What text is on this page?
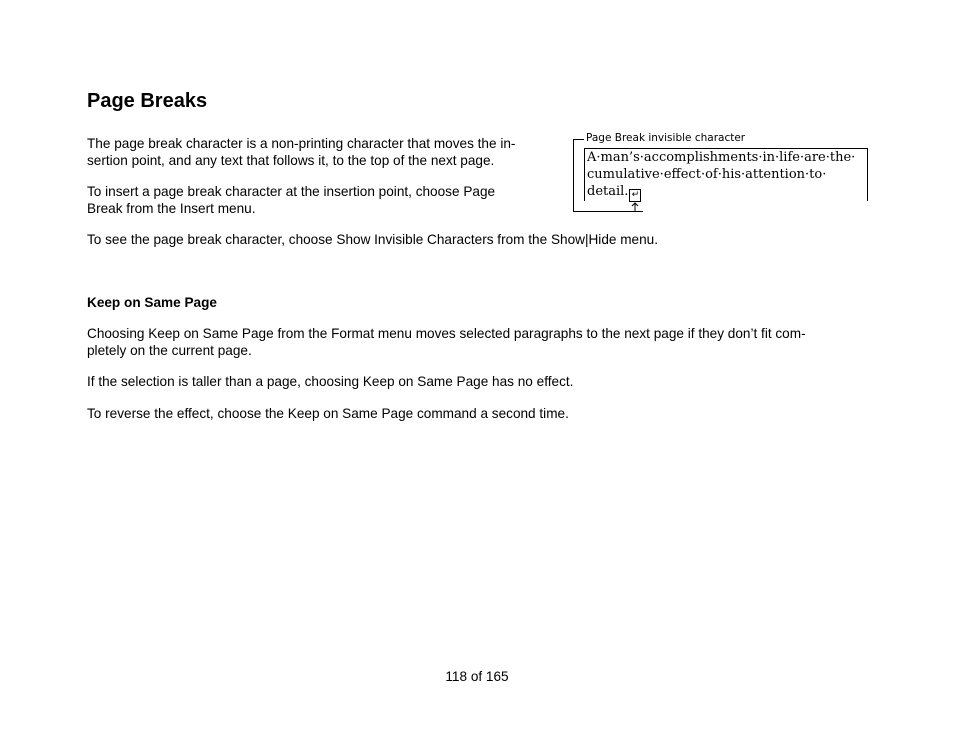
Page Breaks
The page break character is a non-printing character that moves the in-
sertion point, and any text that follows it, to the top of the next page.
To insert a page break character at the insertion point, choose Page
Break from the Insert menu.
To see the page break character, choose Show Invisible Characters from the Show|Hide menu.
Keep on Same Page
Choosing Keep on Same Page from the Format menu moves selected paragraphs to the next page if they don’t fit com-
pletely on the current page.
If the selection is taller than a page, choosing Keep on Same Page has no effect.
To reverse the effect, choose the Keep on Same Page command a second time.
Page Break invisible character
A·man’s·accomplishments·in·life·are·the·
cumulative·effect·of·his·attention·to·
detail. ↵
118 of 165
